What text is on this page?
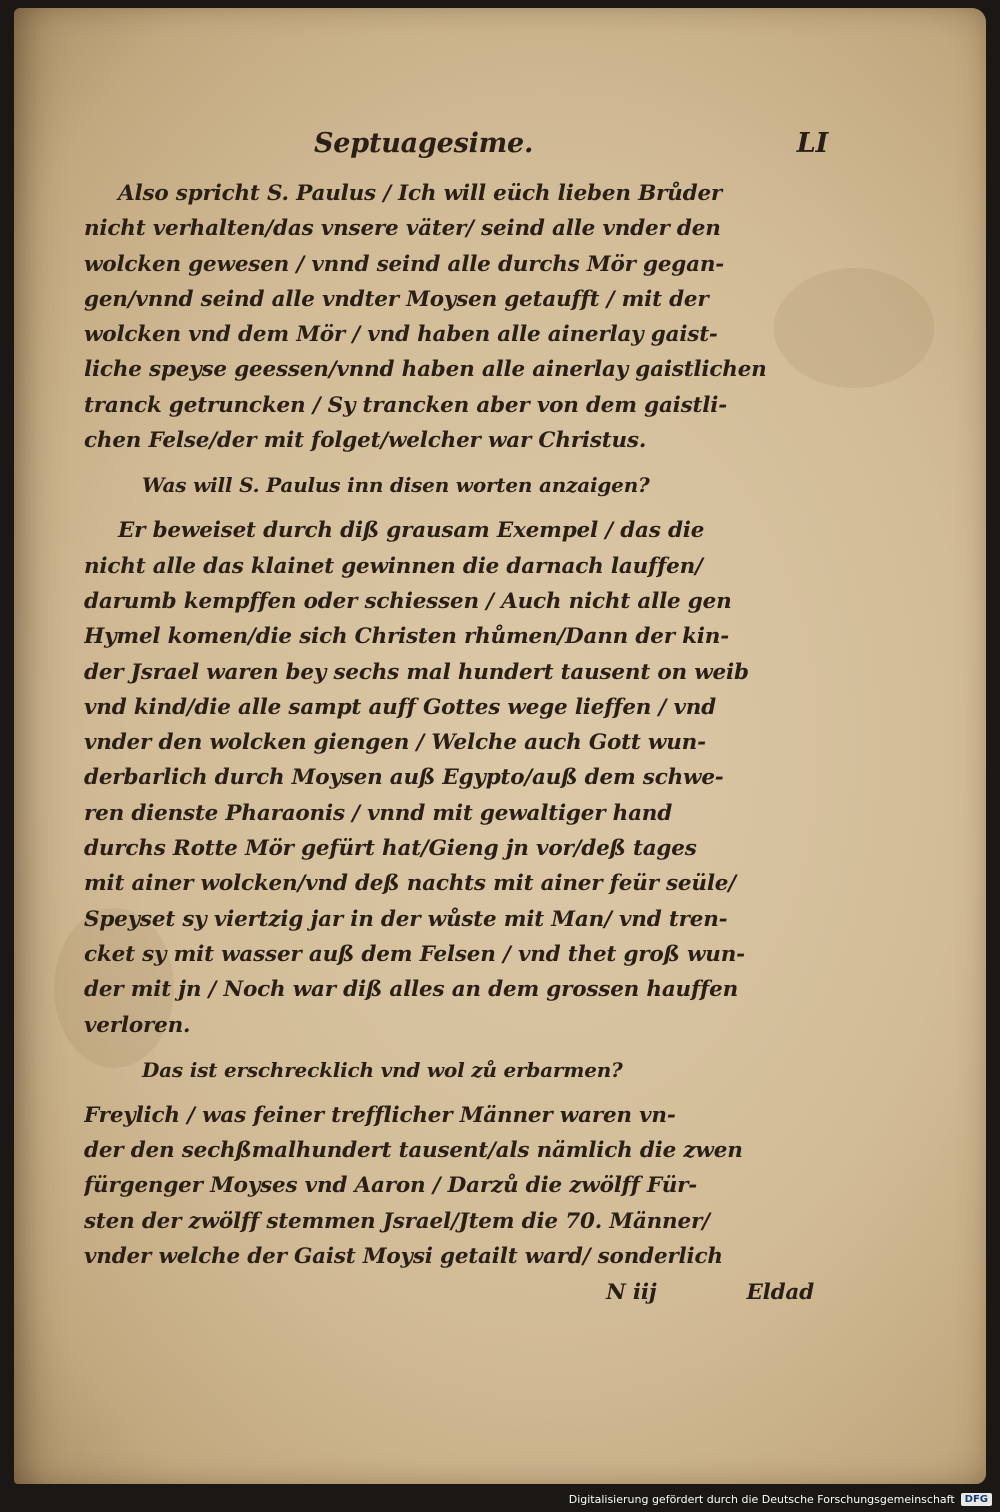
Septuagesime.	LI
Also spricht S. Paulus / Ich will eüch lieben Brůder
nicht verhalten/das vnsere väter/ seind alle vnder den
wolcken gewesen / vnnd seind alle durchs Mör gegan-
gen/vnnd seind alle vndter Moysen getaufft / mit der
wolcken vnd dem Mör / vnd haben alle ainerlay gaist-
liche speyse geessen/vnnd haben alle ainerlay gaistlichen
tranck getruncken / Sy trancken aber von dem gaistli-
chen Felse/der mit folget/welcher war Christus.
Was will S. Paulus inn disen worten anzaigen?
Er beweiset durch diß grausam Exempel / das die
nicht alle das klainet gewinnen die darnach lauffen/
darumb kempffen oder schiessen / Auch nicht alle gen
Hymel komen/die sich Christen rhůmen/Dann der kin-
der Jsrael waren bey sechs mal hundert tausent on weib
vnd kind/die alle sampt auff Gottes wege lieffen / vnd
vnder den wolcken giengen / Welche auch Gott wun-
derbarlich durch Moysen auß Egypto/auß dem schwe-
ren dienste Pharaonis / vnnd mit gewaltiger hand
durchs Rotte Mör gefürt hat/Gieng jn vor/deß tages
mit ainer wolcken/vnd deß nachts mit ainer feür seüle/
Speyset sy viertzig jar in der wůste mit Man/ vnd tren-
cket sy mit wasser auß dem Felsen / vnd thet groß wun-
der mit jn / Noch war diß alles an dem grossen hauffen
verloren.
Das ist erschrecklich vnd wol zů erbarmen?
Freylich / was feiner trefflicher Männer waren vn-
der den sechßmalhundert tausent/als nämlich die zwen
fürgenger Moyses vnd Aaron / Darzů die zwölff Für-
sten der zwölff stemmen Jsrael/Jtem die 70. Männer/
vnder welche der Gaist Moysi getailt ward/ sonderlich
N iij	Eldad
Digitalisierung gefördert durch die Deutsche Forschungsgemeinschaft	DFG
